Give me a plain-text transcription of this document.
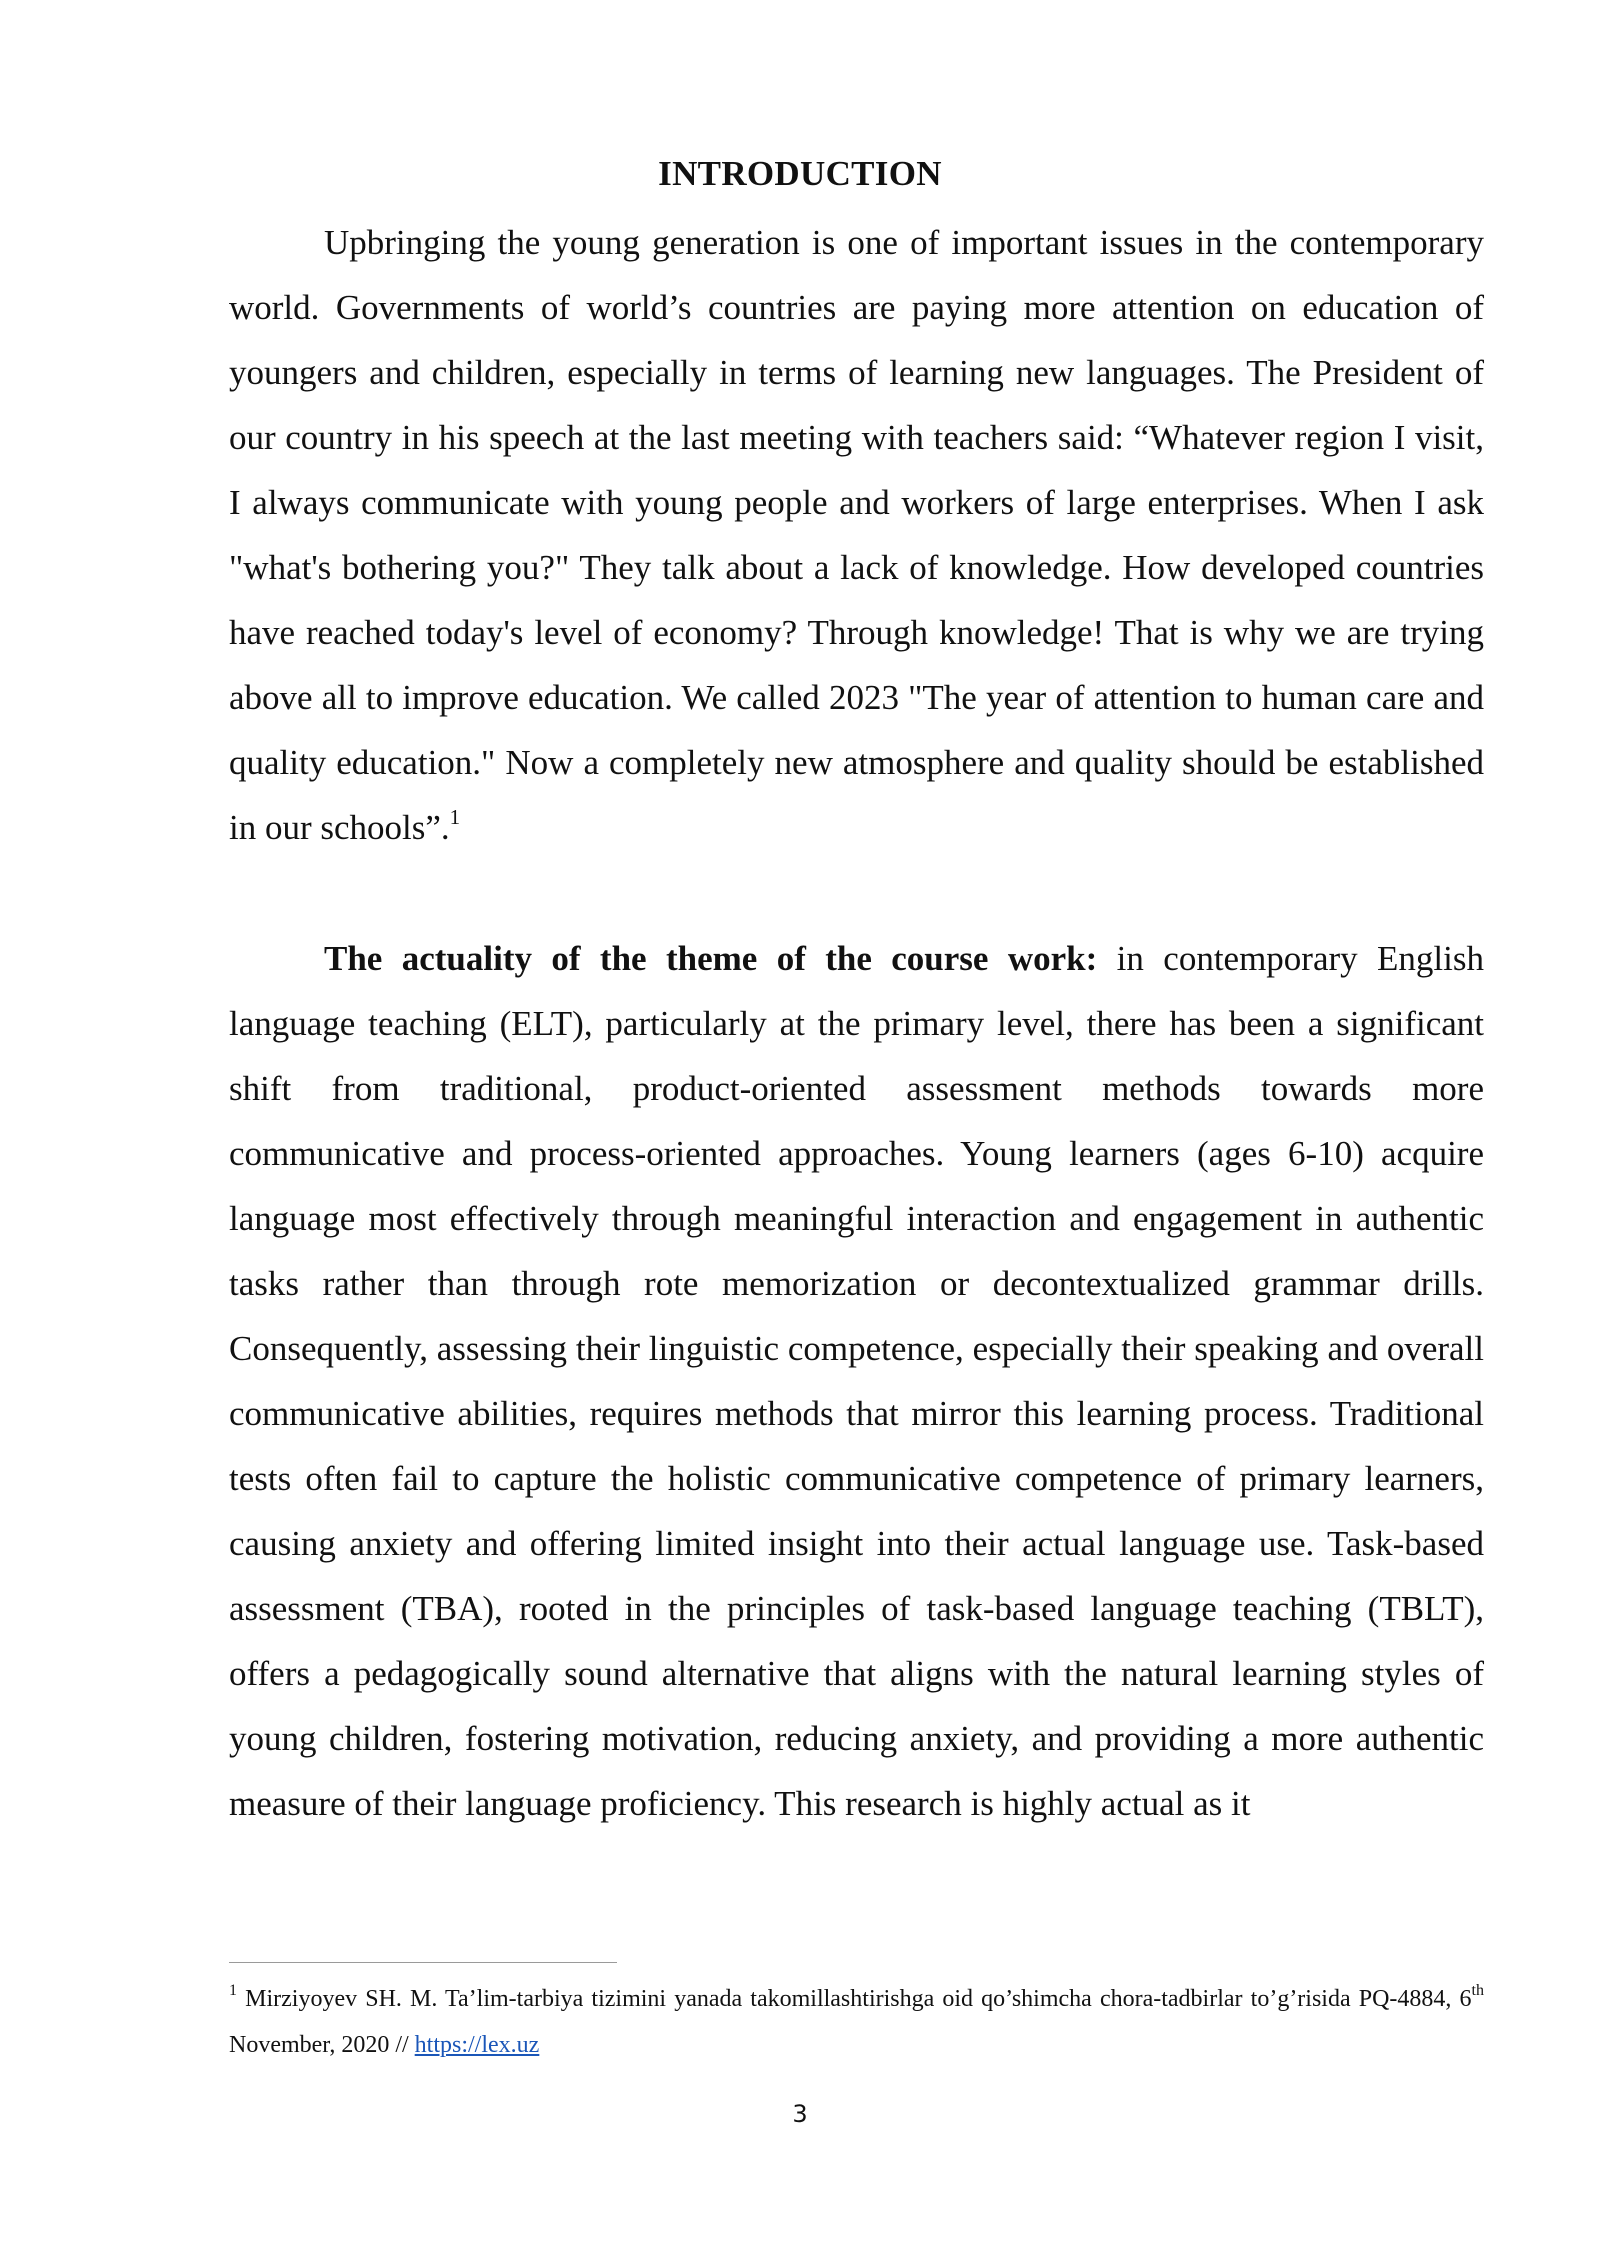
INTRODUCTION

Upbringing the young generation is one of important issues in the contemporary world. Governments of world’s countries are paying more attention on education of youngers and children, especially in terms of learning new languages. The President of our country in his speech at the last meeting with teachers said: “Whatever region I visit, I always communicate with young people and workers of large enterprises. When I ask "what's bothering you?" They talk about a lack of knowledge. How developed countries have reached today's level of economy? Through knowledge! That is why we are trying above all to improve education. We called 2023 "The year of attention to human care and quality education." Now a completely new atmosphere and quality should be established in our schools”.$^1$

The actuality of the theme of the course work: in contemporary English language teaching (ELT), particularly at the primary level, there has been a significant shift from traditional, product-oriented assessment methods towards more communicative and process-oriented approaches. Young learners (ages 6-10) acquire language most effectively through meaningful interaction and engagement in authentic tasks rather than through rote memorization or decontextualized grammar drills. Consequently, assessing their linguistic competence, especially their speaking and overall communicative abilities, requires methods that mirror this learning process. Traditional tests often fail to capture the holistic communicative competence of primary learners, causing anxiety and offering limited insight into their actual language use. Task-based assessment (TBA), rooted in the principles of task-based language teaching (TBLT), offers a pedagogically sound alternative that aligns with the natural learning styles of young children, fostering motivation, reducing anxiety, and providing a more authentic measure of their language proficiency. This research is highly actual as it

$^1$ Mirziyoyev SH. M. Ta’lim-tarbiya tizimini yanada takomillashtirishga oid qo’shimcha chora-tadbirlar to’g’risida PQ-4884, 6th November, 2020 // https://lex.uz

3
